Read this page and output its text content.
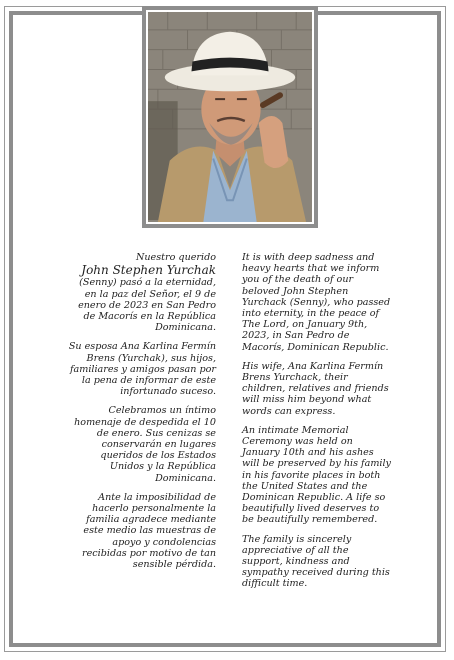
Nuestro querido
John Stephen Yurchak (Senny) pasó a la eternidad, en la paz del Señor, el 9 de enero de 2023 en San Pedro de Macorís en la República Dominicana.

Su esposa Ana Karlina Fermín Brens (Yurchak), sus hijos, familiares y amigos pasan por la pena de informar de este infortunado suceso.

Celebramos un íntimo homenaje de despedida el 10 de enero. Sus cenizas se conservarán en lugares queridos de los Estados Unidos y la República Dominicana.

Ante la imposibilidad de hacerlo personalmente la familia agradece mediante este medio las muestras de apoyo y condolencias recibidas por motivo de tan sensible pérdida.

It is with deep sadness and heavy hearts that we inform you of the death of our beloved John Stephen Yurchack (Senny), who passed into eternity, in the peace of The Lord, on January 9th, 2023, in San Pedro de Macorís, Dominican Republic.

His wife, Ana Karlina Fermín Brens Yurchack, their children, relatives and friends will miss him beyond what words can express.

An intimate Memorial Ceremony was held on January 10th and his ashes will be preserved by his family in his favorite places in both the United States and the Dominican Republic. A life so beautifully lived deserves to be beautifully remembered.

The family is sincerely appreciative of all the support, kindness and sympathy received during this difficult time.
